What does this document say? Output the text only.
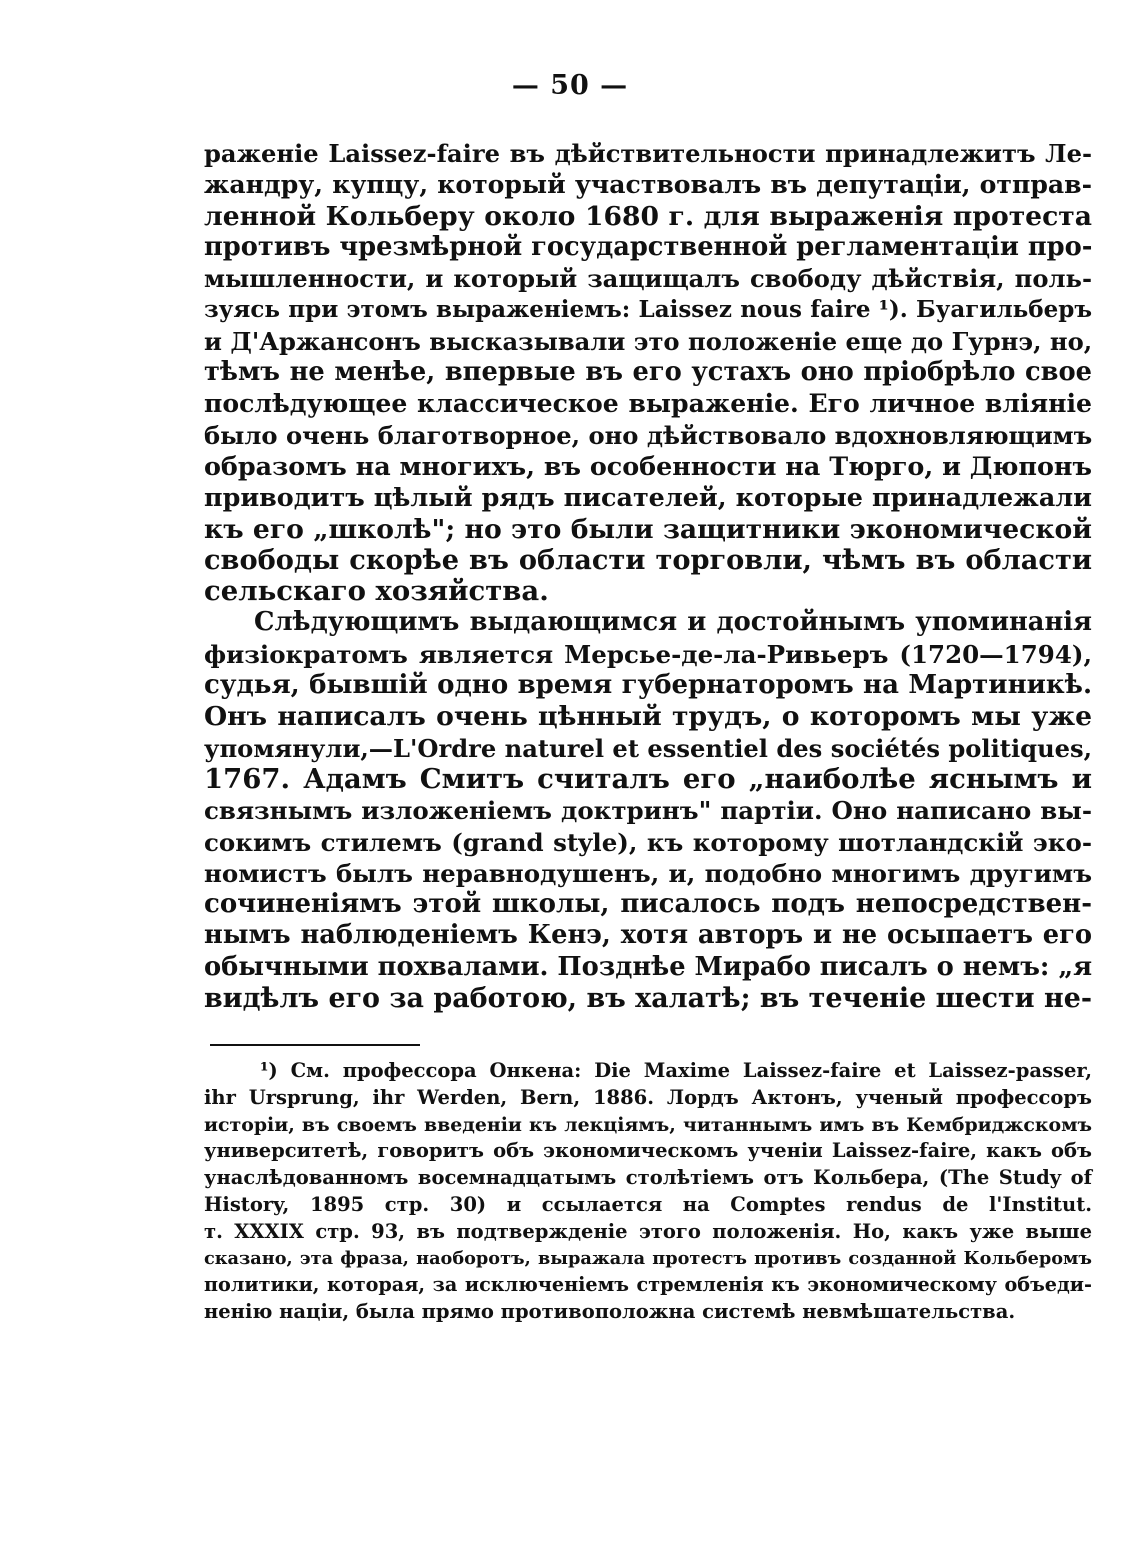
— 50 —
раженіе Laissez-faire въ дѣйствительности принадлежитъ Ле-
жандру, купцу, который участвовалъ въ депутаціи, отправ-
ленной Кольберу около 1680 г. для выраженія протеста
противъ чрезмѣрной государственной регламентаціи про-
мышленности, и который защищалъ свободу дѣйствія, поль-
зуясь при этомъ выраженіемъ: Laissez nous faire ¹). Буагильберъ
и Д'Аржансонъ высказывали это положеніе еще до Гурнэ, но,
тѣмъ не менѣе, впервые въ его устахъ оно пріобрѣло свое
послѣдующее классическое выраженіе. Его личное вліяніе
было очень благотворное, оно дѣйствовало вдохновляющимъ
образомъ на многихъ, въ особенности на Тюрго, и Дюпонъ
приводитъ цѣлый рядъ писателей, которые принадлежали
къ его „школѣ"; но это были защитники экономической
свободы скорѣе въ области торговли, чѣмъ въ области
сельскаго хозяйства.
Слѣдующимъ выдающимся и достойнымъ упоминанія
физіократомъ является Мерсье-де-ла-Ривьеръ (1720—1794),
судья, бывшій одно время губернаторомъ на Мартиникѣ.
Онъ написалъ очень цѣнный трудъ, о которомъ мы уже
упомянули,—L'Ordre naturel et essentiel des sociétés politiques,
1767. Адамъ Смитъ считалъ его „наиболѣе яснымъ и
связнымъ изложеніемъ доктринъ" партіи. Оно написано вы-
сокимъ стилемъ (grand style), къ которому шотландскій эко-
номистъ былъ неравнодушенъ, и, подобно многимъ другимъ
сочиненіямъ этой школы, писалось подъ непосредствен-
нымъ наблюденіемъ Кенэ, хотя авторъ и не осыпаетъ его
обычными похвалами. Позднѣе Мирабо писалъ о немъ: „я
видѣлъ его за работою, въ халатѣ; въ теченіе шести не-
¹) См. профессора Онкена: Die Maxime Laissez-faire et Laissez-passer,
ihr Ursprung, ihr Werden, Bern, 1886. Лордъ Актонъ, ученый профессоръ
исторіи, въ своемъ введеніи къ лекціямъ, читаннымъ имъ въ Кембриджскомъ
университетѣ, говоритъ объ экономическомъ ученіи Laissez-faire, какъ объ
унаслѣдованномъ восемнадцатымъ столѣтіемъ отъ Кольбера, (The Study of
History, 1895 стр. 30) и ссылается на Comptes rendus de l'Institut.
т. XXXIX стр. 93, въ подтвержденіе этого положенія. Но, какъ уже выше
сказано, эта фраза, наоборотъ, выражала протестъ противъ созданной Кольберомъ
политики, которая, за исключеніемъ стремленія къ экономическому объеди-
ненію націи, была прямо противоположна системѣ невмѣшательства.
